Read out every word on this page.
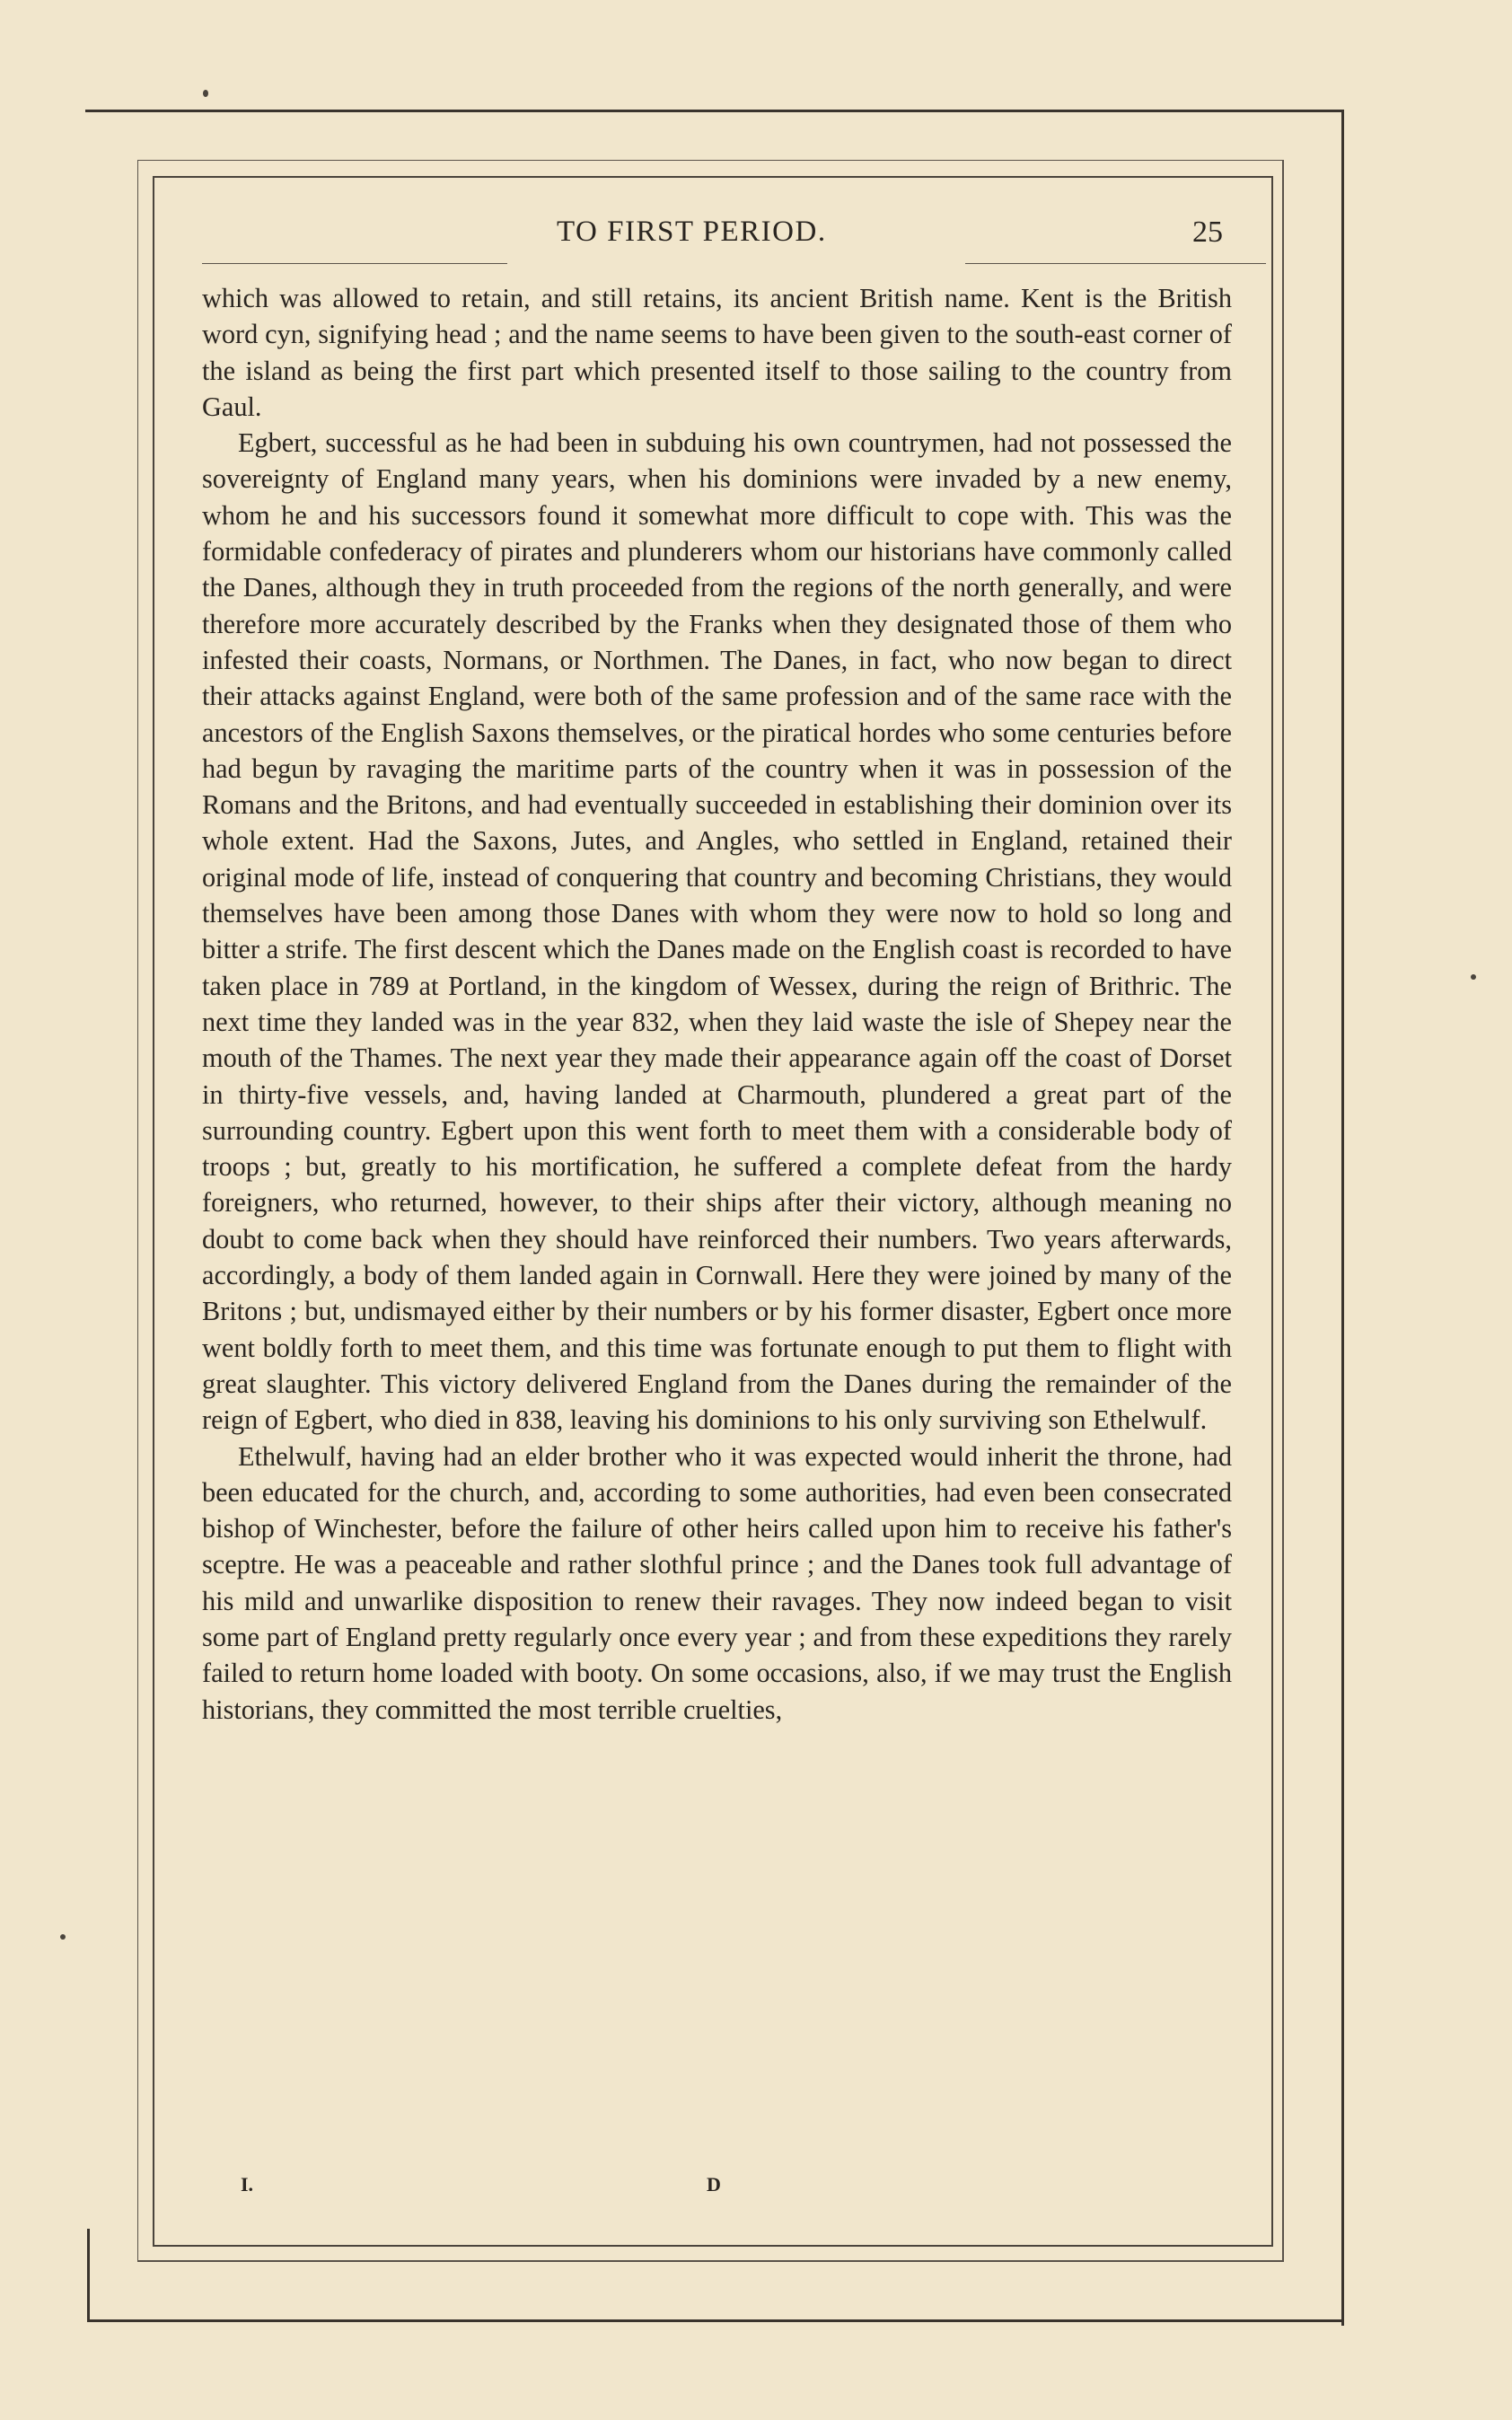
TO FIRST PERIOD.	25

which was allowed to retain, and still retains, its ancient British name. Kent is the British word cyn, signifying head ; and the name seems to have been given to the south-east corner of the island as being the first part which presented itself to those sailing to the country from Gaul.

Egbert, successful as he had been in subduing his own countrymen, had not possessed the sovereignty of England many years, when his dominions were invaded by a new enemy, whom he and his successors found it somewhat more difficult to cope with. This was the formidable confederacy of pirates and plunderers whom our historians have commonly called the Danes, although they in truth proceeded from the regions of the north generally, and were therefore more accurately described by the Franks when they designated those of them who infested their coasts, Normans, or Northmen. The Danes, in fact, who now began to direct their attacks against England, were both of the same profession and of the same race with the ancestors of the English Saxons themselves, or the piratical hordes who some centuries before had begun by ravaging the maritime parts of the country when it was in possession of the Romans and the Britons, and had eventually succeeded in establishing their dominion over its whole extent. Had the Saxons, Jutes, and Angles, who settled in England, retained their original mode of life, instead of conquering that country and becoming Christians, they would themselves have been among those Danes with whom they were now to hold so long and bitter a strife. The first descent which the Danes made on the English coast is recorded to have taken place in 789 at Portland, in the kingdom of Wessex, during the reign of Brithric. The next time they landed was in the year 832, when they laid waste the isle of Shepey near the mouth of the Thames. The next year they made their appearance again off the coast of Dorset in thirty-five vessels, and, having landed at Charmouth, plundered a great part of the surrounding country. Egbert upon this went forth to meet them with a considerable body of troops ; but, greatly to his mortification, he suffered a complete defeat from the hardy foreigners, who returned, however, to their ships after their victory, although meaning no doubt to come back when they should have reinforced their numbers. Two years afterwards, accordingly, a body of them landed again in Cornwall. Here they were joined by many of the Britons ; but, undismayed either by their numbers or by his former disaster, Egbert once more went boldly forth to meet them, and this time was fortunate enough to put them to flight with great slaughter. This victory delivered England from the Danes during the remainder of the reign of Egbert, who died in 838, leaving his dominions to his only surviving son Ethelwulf.

Ethelwulf, having had an elder brother who it was expected would inherit the throne, had been educated for the church, and, according to some authorities, had even been consecrated bishop of Winchester, before the failure of other heirs called upon him to receive his father's sceptre. He was a peaceable and rather slothful prince ; and the Danes took full advantage of his mild and unwarlike disposition to renew their ravages. They now indeed began to visit some part of England pretty regularly once every year ; and from these expeditions they rarely failed to return home loaded with booty. On some occasions, also, if we may trust the English historians, they committed the most terrible cruelties,

I.	D
